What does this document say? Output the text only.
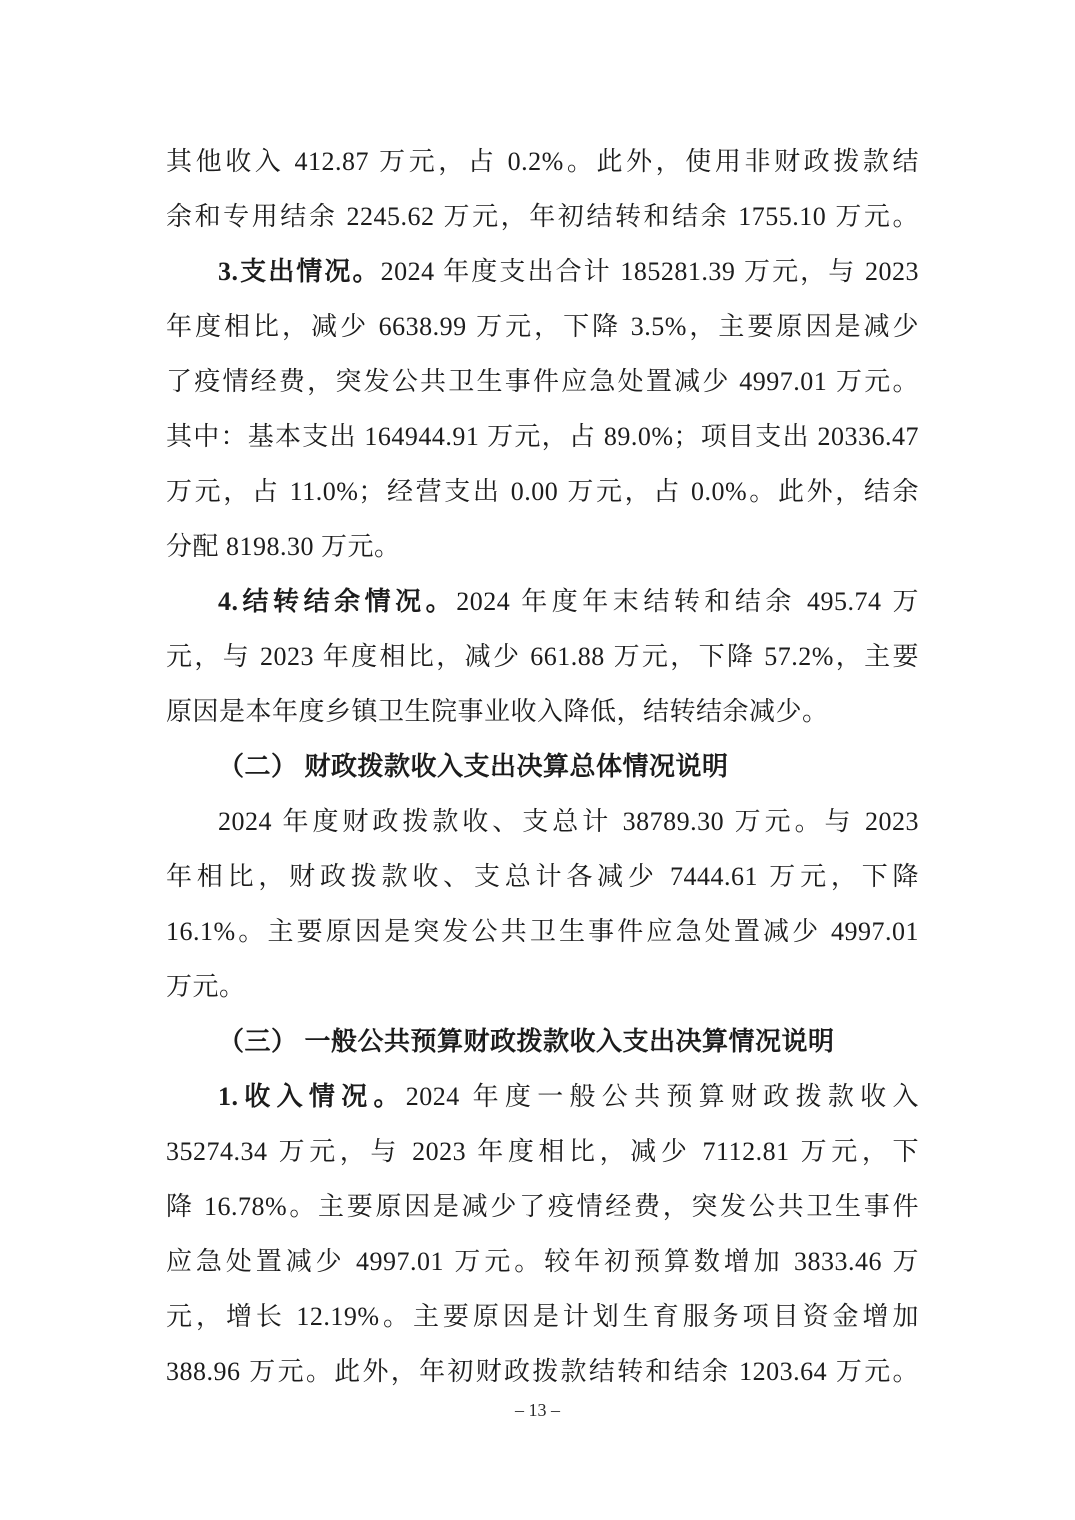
其他收入 412.87 万元，占 0.2%。此外，使用非财政拨款结
余和专用结余 2245.62 万元，年初结转和结余 1755.10 万元。
3.支出情况。2024 年度支出合计 185281.39 万元，与 2023
年度相比，减少 6638.99 万元，下降 3.5%，主要原因是减少
了疫情经费，突发公共卫生事件应急处置减少 4997.01 万元。
其中：基本支出 164944.91 万元，占 89.0%；项目支出 20336.47
万元，占 11.0%；经营支出 0.00 万元，占 0.0%。此外，结余
分配 8198.30 万元。
4.结转结余情况。2024 年度年末结转和结余 495.74 万
元，与 2023 年度相比，减少 661.88 万元，下降 57.2%，主要
原因是本年度乡镇卫生院事业收入降低，结转结余减少。
（二） 财政拨款收入支出决算总体情况说明
2024 年度财政拨款收、支总计 38789.30 万元。与 2023
年相比，财政拨款收、支总计各减少 7444.61 万元，下降
16.1%。主要原因是突发公共卫生事件应急处置减少 4997.01
万元。
（三） 一般公共预算财政拨款收入支出决算情况说明
1.收入情况。2024 年度一般公共预算财政拨款收入
35274.34 万元，与 2023 年度相比，减少 7112.81 万元，下
降 16.78%。主要原因是减少了疫情经费，突发公共卫生事件
应急处置减少 4997.01 万元。较年初预算数增加 3833.46 万
元，增长 12.19%。主要原因是计划生育服务项目资金增加
388.96 万元。此外，年初财政拨款结转和结余 1203.64 万元。
– 13 –
